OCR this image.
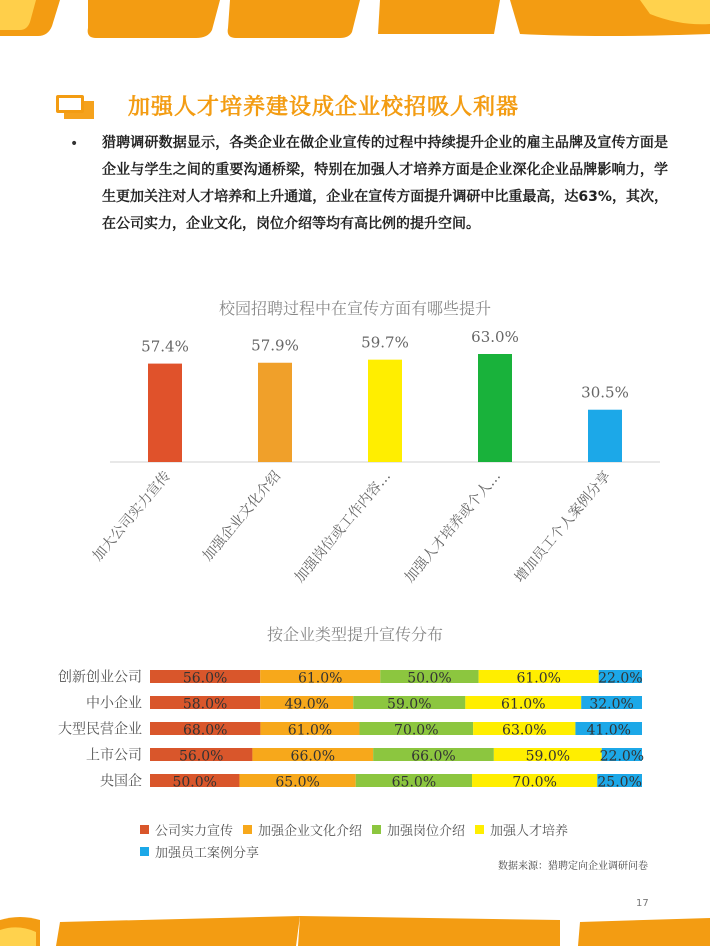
加强人才培养建设成企业校招吸人利器
• 猎聘调研数据显示，各类企业在做企业宣传的过程中持续提升企业的雇主品牌及宣传方面是企业与学生之间的重要沟通桥梁，特别在加强人才培养方面是企业深化企业品牌影响力，学生更加关注对人才培养和上升通道，企业在宣传方面提升调研中比重最高，达63%，其次，在公司实力，企业文化，岗位介绍等均有高比例的提升空间。

校园招聘过程中在宣传方面有哪些提升
57.4%
加大公司实力宣传
57.9%
加强企业文化介绍
59.7%
加强岗位或工作内容…
63.0%
加强人才培养或个人…
30.5%
增加员工个人案例分享
按企业类型提升宣传分布
创新创业公司	56.0%	61.0%	50.0%	61.0%	22.0%
中小企业	58.0%	49.0%	59.0%	61.0%	32.0%
大型民营企业	68.0%	61.0%	70.0%	63.0%	41.0%
上市公司	56.0%	66.0%	66.0%	59.0% 22.0%
央国企 50.0%	65.0%	65.0%	70.0%	25.0%
公司实力宣传 加强企业文化介绍 加强岗位介绍 加强人才培养
加强员工案例分享
数据来源：猎聘定向企业调研问卷
17
